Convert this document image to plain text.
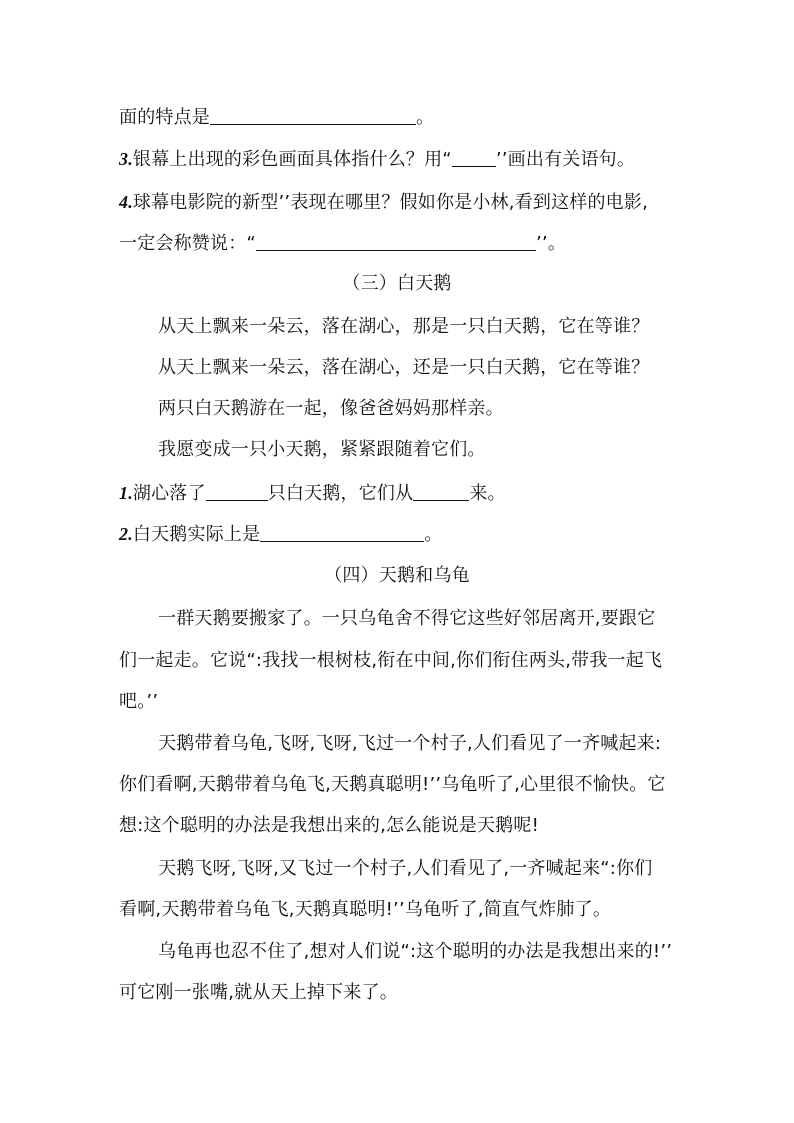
面的特点是	。
3.银幕上出现的彩色画面具体指什么？用“ ’’画出有关语句。
4.球幕电影院的新型’’表现在哪里？假如你是小林,看到这样的电影,
一定会称赞说：“	’’。
（三）白天鹅
从天上飘来一朵云，落在湖心，那是一只白天鹅，它在等谁？
从天上飘来一朵云，落在湖心，还是一只白天鹅，它在等谁？
两只白天鹅游在一起，像爸爸妈妈那样亲。
我愿变成一只小天鹅，紧紧跟随着它们。
1.湖心落了	只白天鹅，它们从	来。
2.白天鹅实际上是	。
（四）天鹅和乌龟
一群天鹅要搬家了。一只乌龟舍不得它这些好邻居离开,要跟它
们一起走。它说“:我找一根树枝,衔在中间,你们衔住两头,带我一起飞
吧。’’
天鹅带着乌龟,飞呀,飞呀,飞过一个村子,人们看见了一齐喊起来:
你们看啊,天鹅带着乌龟飞,天鹅真聪明!’’乌龟听了,心里很不愉快。它
想:这个聪明的办法是我想出来的,怎么能说是天鹅呢!
天鹅飞呀,飞呀,又飞过一个村子,人们看见了,一齐喊起来“:你们
看啊,天鹅带着乌龟飞,天鹅真聪明!’’乌龟听了,简直气炸肺了。
乌龟再也忍不住了,想对人们说“:这个聪明的办法是我想出来的!’’
可它刚一张嘴,就从天上掉下来了。
